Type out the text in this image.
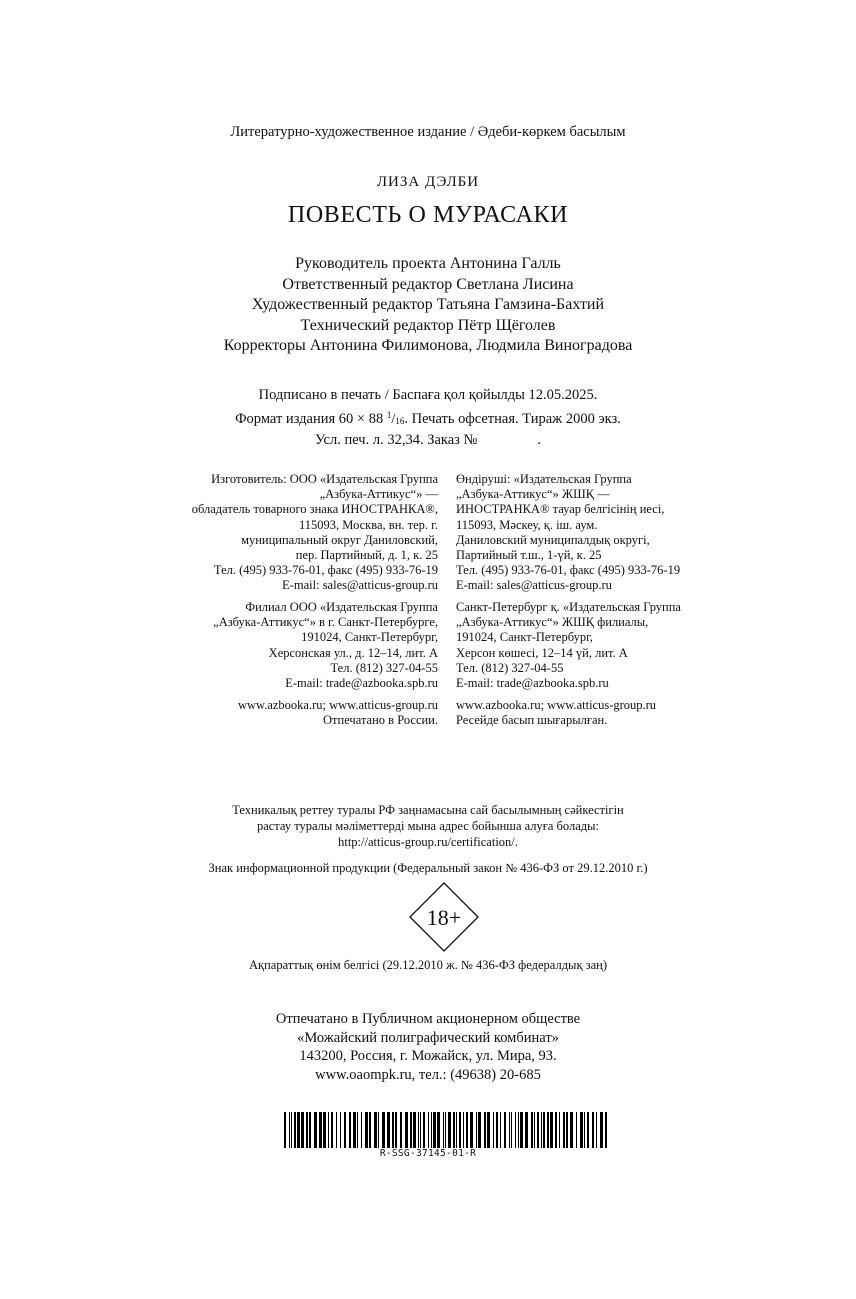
Литературно-художественное издание / Әдеби-көркем басылым
ЛИЗА ДЭЛБИ
ПОВЕСТЬ О МУРАСАКИ
Руководитель проекта Антонина Галль
Ответственный редактор Светлана Лисина
Художественный редактор Татьяна Гамзина-Бахтий
Технический редактор Пётр Щёголев
Корректоры Антонина Филимонова, Людмила Виноградова
Подписано в печать / Баспаға қол қойылды 12.05.2025.
Формат издания 60 × 88 $^1/_{16}$. Печать офсетная. Тираж 2000 экз.
Усл. печ. л. 32,34. Заказ №	.
Изготовитель: ООО «Издательская Группа
„Азбука-Аттикус“» —
обладатель товарного знака ИНОСТРАНКА®,
115093, Москва, вн. тер. г.
муниципальный округ Даниловский,
пер. Партийный, д. 1, к. 25
Тел. (495) 933-76-01, факс (495) 933-76-19
E-mail: sales@atticus-group.ru
Өндіруші: «Издательская Группа
„Азбука-Аттикус“» ЖШҚ —
ИНОСТРАНКА® тауар белгісінің иесі,
115093, Мәскеу, қ. іш. аум.
Даниловский муниципалдық округі,
Партийный т.ш., 1-үй, к. 25
Тел. (495) 933-76-01, факс (495) 933-76-19
E-mail: sales@atticus-group.ru
Филиал ООО «Издательская Группа
„Азбука-Аттикус“» в г. Санкт-Петербурге,
191024, Санкт-Петербург,
Херсонская ул., д. 12–14, лит. А
Тел. (812) 327-04-55
E-mail: trade@azbooka.spb.ru
Санкт-Петербург қ. «Издательская Группа
„Азбука-Аттикус“» ЖШҚ филиалы,
191024, Санкт-Петербург,
Херсон көшесі, 12–14 үй, лит. А
Тел. (812) 327-04-55
E-mail: trade@azbooka.spb.ru
www.azbooka.ru; www.atticus-group.ru
Отпечатано в России.
www.azbooka.ru; www.atticus-group.ru
Ресейде басып шығарылған.
Техникалық реттеу туралы РФ заңнамасына сай басылымның сәйкестігін
растау туралы мәліметтерді мына адрес бойынша алуға болады:
http://atticus-group.ru/certification/.
Знак информационной продукции (Федеральный закон № 436-ФЗ от 29.12.2010 г.)
18+
Ақпараттық өнім белгісі (29.12.2010 ж. № 436-ФЗ федералдық заң)
Отпечатано в Публичном акционерном обществе
«Можайский полиграфический комбинат»
143200, Россия, г. Можайск, ул. Мира, 93.
www.oaompk.ru, тел.: (49638) 20-685
R-SSG-37145-01-R
